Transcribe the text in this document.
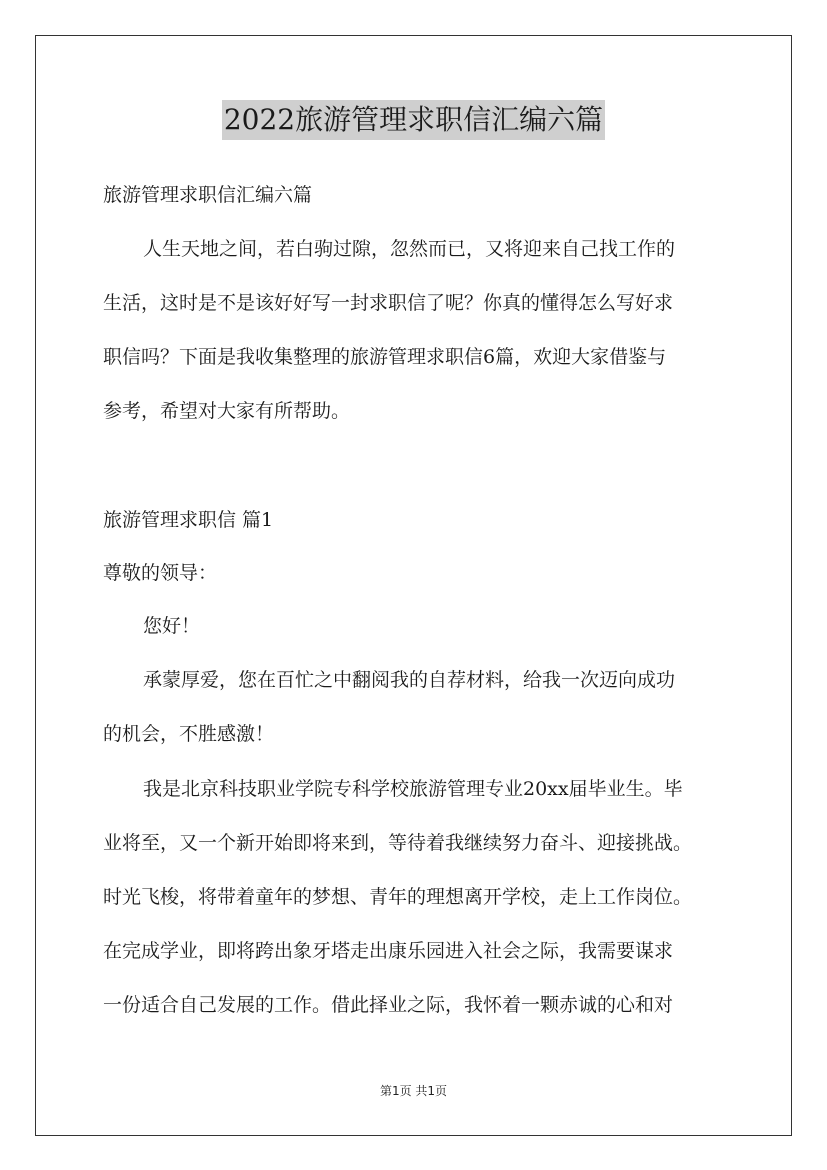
2022旅游管理求职信汇编六篇
旅游管理求职信汇编六篇
人生天地之间，若白驹过隙，忽然而已，又将迎来自己找工作的
生活，这时是不是该好好写一封求职信了呢？你真的懂得怎么写好求
职信吗？下面是我收集整理的旅游管理求职信6篇，欢迎大家借鉴与
参考，希望对大家有所帮助。
旅游管理求职信 篇1
尊敬的领导：
您好！
承蒙厚爱，您在百忙之中翻阅我的自荐材料，给我一次迈向成功
的机会，不胜感激！
我是北京科技职业学院专科学校旅游管理专业20xx届毕业生。毕
业将至，又一个新开始即将来到，等待着我继续努力奋斗、迎接挑战。
时光飞梭，将带着童年的梦想、青年的理想离开学校，走上工作岗位。
在完成学业，即将跨出象牙塔走出康乐园进入社会之际，我需要谋求
一份适合自己发展的工作。借此择业之际，我怀着一颗赤诚的心和对
第1页 共1页
